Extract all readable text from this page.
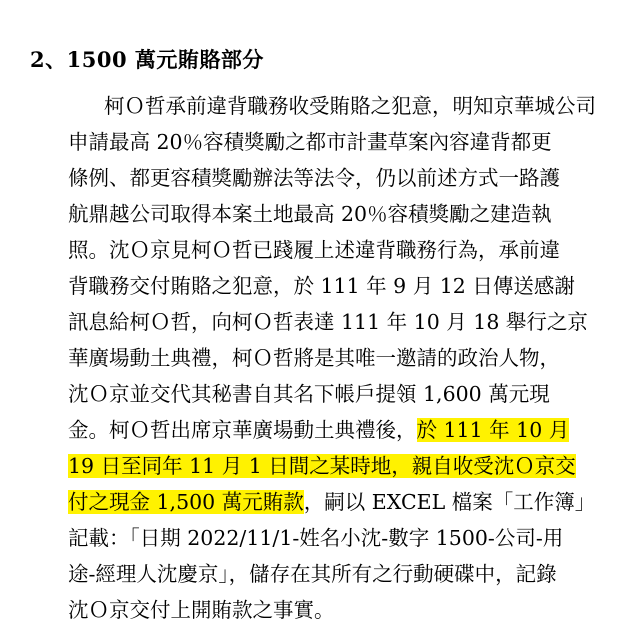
2、1500 萬元賄賂部分
柯Ｏ哲承前違背職務收受賄賂之犯意，明知京華城公司
申請最高 20％容積獎勵之都市計畫草案內容違背都更
條例、都更容積獎勵辦法等法令，仍以前述方式一路護
航鼎越公司取得本案土地最高 20％容積獎勵之建造執
照。沈Ｏ京見柯Ｏ哲已踐履上述違背職務行為，承前違
背職務交付賄賂之犯意，於 111 年 9 月 12 日傳送感謝
訊息給柯Ｏ哲，向柯Ｏ哲表達 111 年 10 月 18 舉行之京
華廣場動土典禮，柯Ｏ哲將是其唯一邀請的政治人物，
沈Ｏ京並交代其秘書自其名下帳戶提領 1,600 萬元現
金。柯Ｏ哲出席京華廣場動土典禮後，於 111 年 10 月
19 日至同年 11 月 1 日間之某時地，親自收受沈Ｏ京交
付之現金 1,500 萬元賄款，嗣以 EXCEL 檔案「工作簿」
記載：「日期 2022/11/1-姓名小沈-數字 1500-公司-用
途-經理人沈慶京」，儲存在其所有之行動硬碟中，記錄
沈Ｏ京交付上開賄款之事實。
